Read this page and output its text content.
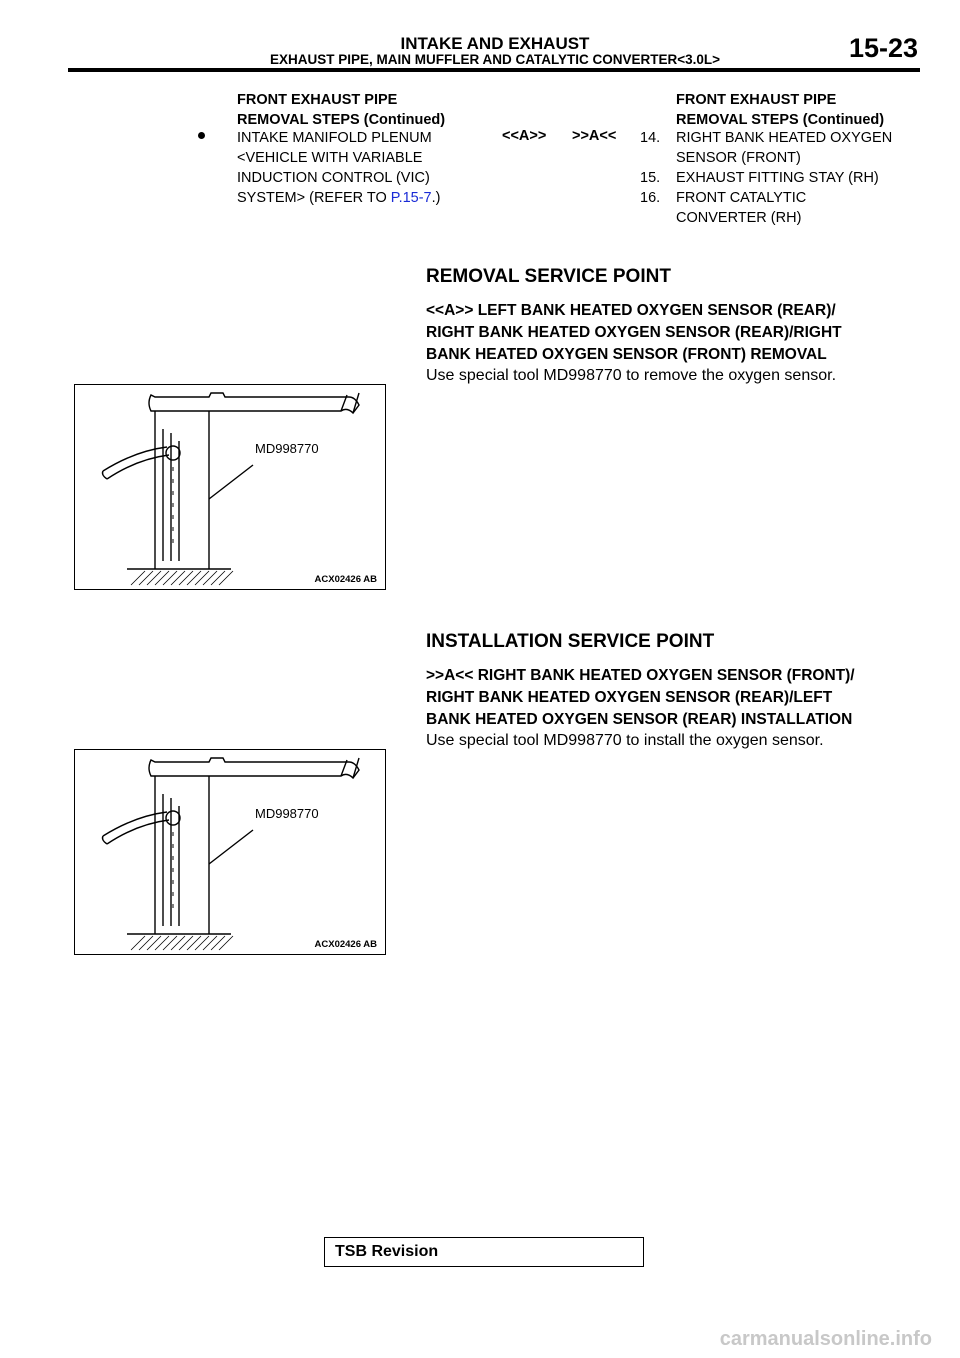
INTAKE AND EXHAUST
EXHAUST PIPE, MAIN MUFFLER AND CATALYTIC CONVERTER<3.0L>	15-23
FRONT EXHAUST PIPE
REMOVAL STEPS (Continued)
INTAKE MANIFOLD PLENUM
<VEHICLE WITH VARIABLE
INDUCTION CONTROL (VIC)
SYSTEM> (REFER TO P.15-7.)
<<A>> >>A<<
FRONT EXHAUST PIPE
REMOVAL STEPS (Continued)
14.	RIGHT BANK HEATED OXYGEN
SENSOR (FRONT)
15.	EXHAUST FITTING STAY (RH)
16.	FRONT CATALYTIC
CONVERTER (RH)
REMOVAL SERVICE POINT
<<A>> LEFT BANK HEATED OXYGEN SENSOR (REAR)/
RIGHT BANK HEATED OXYGEN SENSOR (REAR)/RIGHT
BANK HEATED OXYGEN SENSOR (FRONT) REMOVAL
Use special tool MD998770 to remove the oxygen sensor.
MD998770
ACX02426 AB
INSTALLATION SERVICE POINT
>>A<< RIGHT BANK HEATED OXYGEN SENSOR (FRONT)/
RIGHT BANK HEATED OXYGEN SENSOR (REAR)/LEFT
BANK HEATED OXYGEN SENSOR (REAR) INSTALLATION
Use special tool MD998770 to install the oxygen sensor.
MD998770
ACX02426 AB
TSB Revision
carmanualsonline.info
